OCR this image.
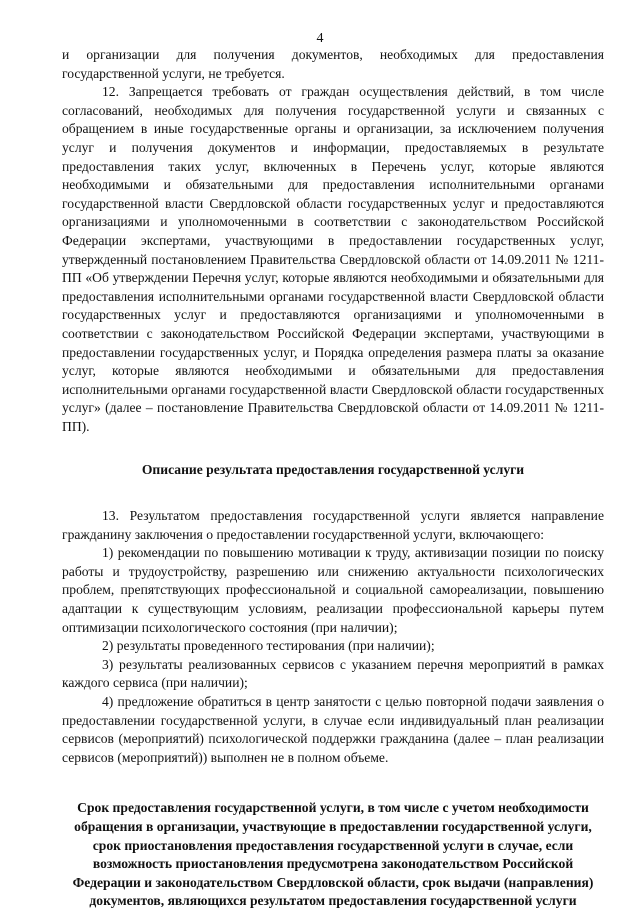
4

и организации для получения документов, необходимых для предоставления государственной услуги, не требуется.

12. Запрещается требовать от граждан осуществления действий, в том числе согласований, необходимых для получения государственной услуги и связанных с обращением в иные государственные органы и организации, за исключением получения услуг и получения документов и информации, предоставляемых в результате предоставления таких услуг, включенных в Перечень услуг, которые являются необходимыми и обязательными для предоставления исполнительными органами государственной власти Свердловской области государственных услуг и предоставляются организациями и уполномоченными в соответствии с законодательством Российской Федерации экспертами, участвующими в предоставлении государственных услуг, утвержденный постановлением Правительства Свердловской области от 14.09.2011 № 1211-ПП «Об утверждении Перечня услуг, которые являются необходимыми и обязательными для предоставления исполнительными органами государственной власти Свердловской области государственных услуг и предоставляются организациями и уполномоченными в соответствии с законодательством Российской Федерации экспертами, участвующими в предоставлении государственных услуг, и Порядка определения размера платы за оказание услуг, которые являются необходимыми и обязательными для предоставления исполнительными органами государственной власти Свердловской области государственных услуг» (далее – постановление Правительства Свердловской области от 14.09.2011 № 1211-ПП).

Описание результата предоставления государственной услуги

13. Результатом предоставления государственной услуги является направление гражданину заключения о предоставлении государственной услуги, включающего:

1) рекомендации по повышению мотивации к труду, активизации позиции по поиску работы и трудоустройству, разрешению или снижению актуальности психологических проблем, препятствующих профессиональной и социальной самореализации, повышению адаптации к существующим условиям, реализации профессиональной карьеры путем оптимизации психологического состояния (при наличии);

2) результаты проведенного тестирования (при наличии);

3) результаты реализованных сервисов с указанием перечня мероприятий в рамках каждого сервиса (при наличии);

4) предложение обратиться в центр занятости с целью повторной подачи заявления о предоставлении государственной услуги, в случае если индивидуальный план реализации сервисов (мероприятий) психологической поддержки гражданина (далее – план реализации сервисов (мероприятий)) выполнен не в полном объеме.

Срок предоставления государственной услуги, в том числе с учетом необходимости обращения в организации, участвующие в предоставлении государственной услуги, срок приостановления предоставления государственной услуги в случае, если возможность приостановления предусмотрена законодательством Российской Федерации и законодательством Свердловской области, срок выдачи (направления) документов, являющихся результатом предоставления государственной услуги
